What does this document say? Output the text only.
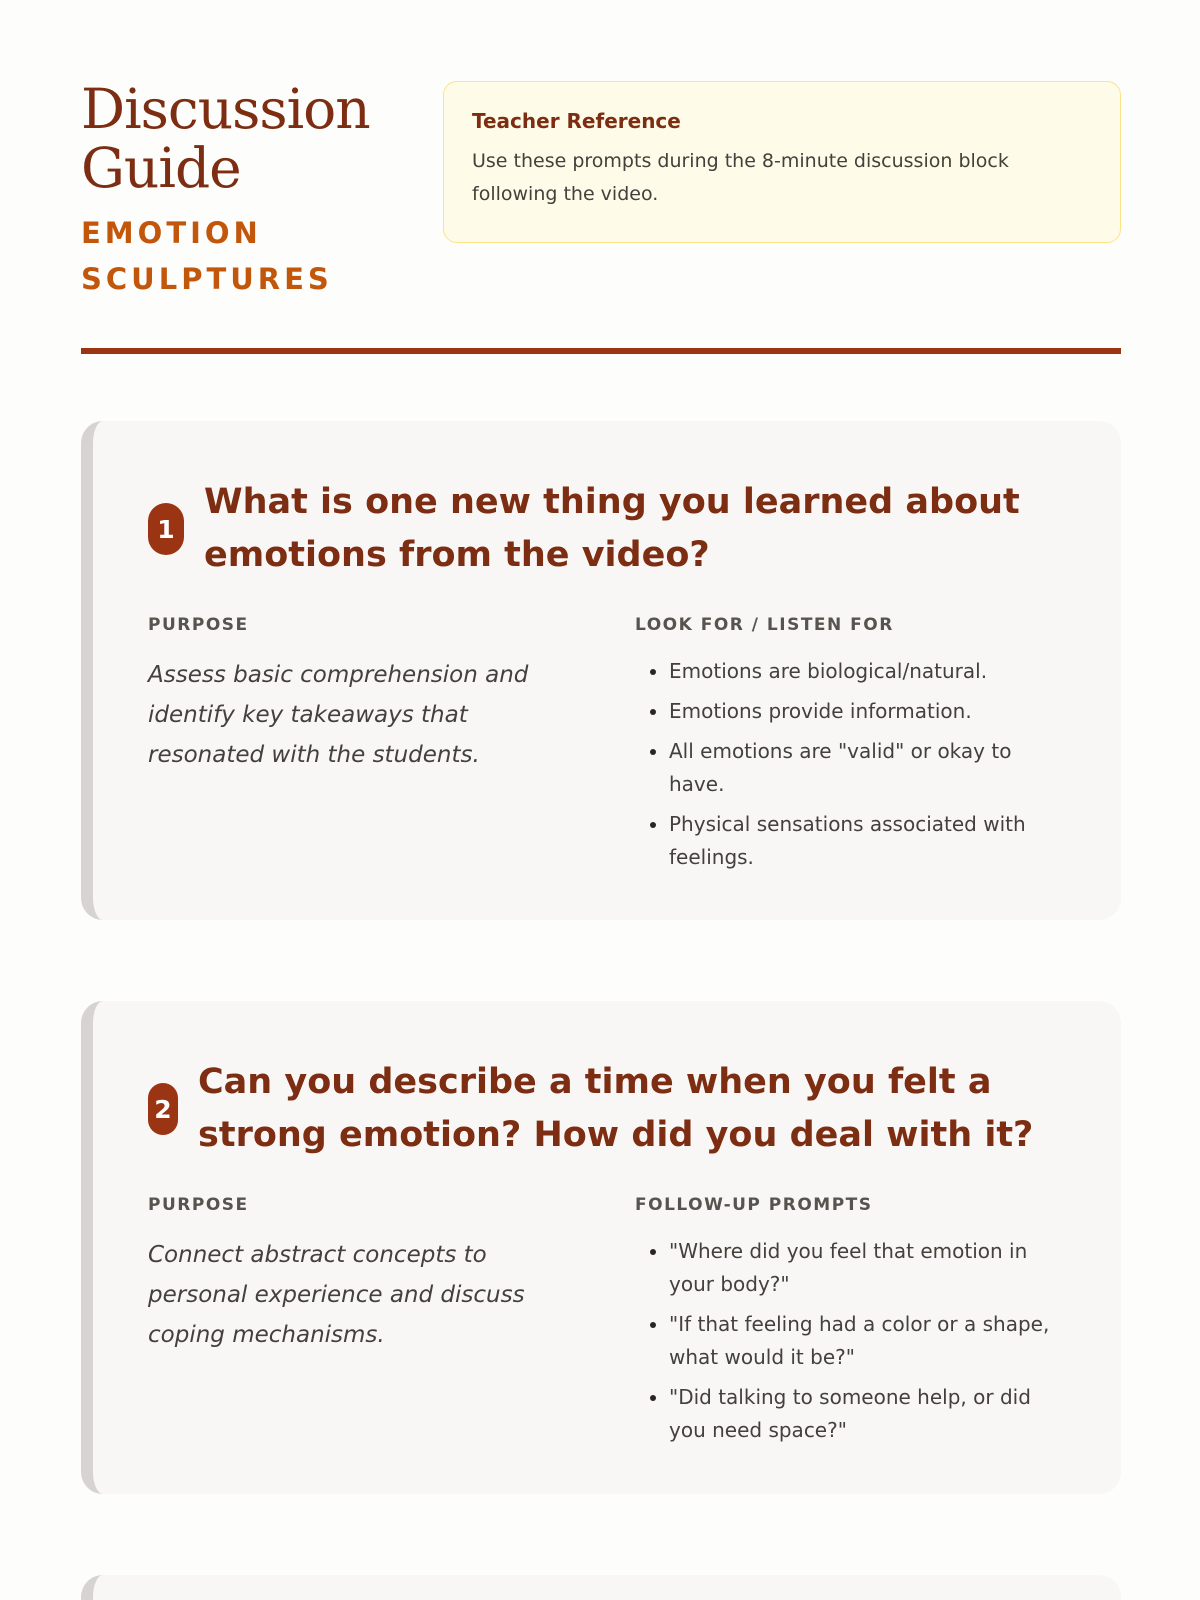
Discussion
Guide
EMOTION
SCULPTURES
Teacher Reference
Use these prompts during the 8-minute discussion block following the video.
1
What is one new thing you learned about emotions from the video?
PURPOSE
Assess basic comprehension and identify key takeaways that resonated with the students.
LOOK FOR / LISTEN FOR
• Emotions are biological/natural.
• Emotions provide information.
• All emotions are "valid" or okay to have.
• Physical sensations associated with feelings.
2
Can you describe a time when you felt a strong emotion? How did you deal with it?
PURPOSE
Connect abstract concepts to personal experience and discuss coping mechanisms.
FOLLOW-UP PROMPTS
• "Where did you feel that emotion in your body?"
• "If that feeling had a color or a shape, what would it be?"
• "Did talking to someone help, or did you need space?"
